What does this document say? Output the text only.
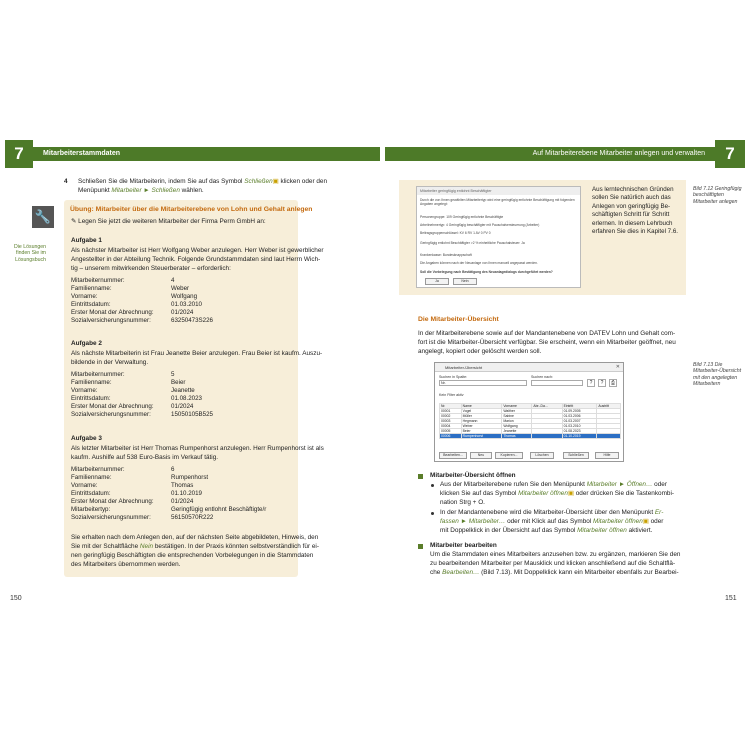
7	Mitarbeiterstammdaten	Auf Mitarbeiterebene Mitarbeiter anlegen und verwalten	7
4 Schließen Sie die Mitarbeiterin, indem Sie auf das Symbol Schließen▣ klicken oder den
Menüpunkt Mitarbeiter ► Schließen wählen.
🔧
Die Lösungen finden Sie im Lösungsbuch
Übung: Mitarbeiter über die Mitarbeiterebene von Lohn und Gehalt anlegen
✎ Legen Sie jetzt die weiteren Mitarbeiter der Firma Perm GmbH an:
Aufgabe 1
Als nächster Mitarbeiter ist Herr Wolfgang Weber anzulegen. Herr Weber ist gewerblicher
Angestellter in der Abteilung Technik. Folgende Grundstammdaten sind laut Herrn Wich-
tig – unserem mitwirkenden Steuerberater – erforderlich:
Mitarbeiternummer:	4
Familienname:	Weber
Vorname:	Wolfgang
Eintrittsdatum:	01.03.2010
Erster Monat der Abrechnung:	01/2024
Sozialversicherungsnummer:	63250473S226
Aufgabe 2
Als nächste Mitarbeiterin ist Frau Jeanette Beier anzulegen. Frau Beier ist kaufm. Auszu-
bildende in der Verwaltung.
Mitarbeiternummer:	5
Familienname:	Beier
Vorname:	Jeanette
Eintrittsdatum:	01.08.2023
Erster Monat der Abrechnung:	01/2024
Sozialversicherungsnummer:	15050105B525
Aufgabe 3
Als letzter Mitarbeiter ist Herr Thomas Rumpenhorst anzulegen. Herr Rumpenhorst ist als
kaufm. Aushilfe auf 538 Euro-Basis im Verkauf tätig.
Mitarbeiternummer:	6
Familienname:	Rumpenhorst
Vorname:	Thomas
Eintrittsdatum:	01.10.2019
Erster Monat der Abrechnung:	01/2024
Mitarbeitertyp:	Geringfügig entlohnt Beschäftigte/r
Sozialversicherungsnummer:	56150570R222
Sie erhalten nach dem Anlegen den, auf der nächsten Seite abgebildeten, Hinweis, den
Sie mit der Schaltfläche Nein bestätigen. In der Praxis könnten selbstverständlich für ei-
nen geringfügig Beschäftigten die entsprechenden Vorbelegungen in die Stammdaten
des Mitarbeiters übernommen werden.
150
Mitarbeiter geringfügig entlohnt Beschäftigter
Durch die von Ihnen gewählten Mitarbeitertyp wird eine geringfügig entlohnte Beschäftigung mit folgenden Angaben angelegt:
Personengruppe: 109 Geringfügig entlohnte Beschäftigte
Arbeitnehmertyp: 4 Geringfügig beschäftigter mit Pauschalversteuerung (Arbeiter)
Beitragsgruppenschlüssel: KV 6 RV 1 AV 0 PV 0
Geringfügig entlohnt Beschäftigter >2 % einheitliche Pauschalsteuer: Ja
Krankenkasse: Bundesknappschaft
Die Angaben können nach der Neuanlage von Ihnen manuell angepasst werden.
Soll die Vorbelegung nach Bestätigung des Neuanlagedialogs durchgeführt werden?
Ja	Nein
Aus lerntechnischen Gründen
sollen Sie natürlich auch das
Anlegen von geringfügig Be-
schäftigten Schritt für Schritt
erlernen. In diesem Lehrbuch
erfahren Sie dies in Kapitel 7.6.
Bild 7.12 Geringfügig beschäftigten Mitarbeiter anlegen
Die Mitarbeiter-Übersicht
In der Mitarbeiterebene sowie auf der Mandantenebene von DATEV Lohn und Gehalt com-
fort ist die Mitarbeiter-Übersicht verfügbar. Sie erscheint, wenn ein Mitarbeiter geöffnet, neu
angelegt, kopiert oder gelöscht werden soll.
Mitarbeiter-Übersicht	✕
Suchen in Spalte:
Nr.
Suchen nach:
?	?	⎙
Kein Filter aktiv
Nr.	Name	Vorname	Abr.-Da...	Eintritt	Austritt
00001	Vogel	Walther		01.09.2005	
00002	Müller	Sabine		01.03.2006	
00003	Hegmann	Marion		01.03.2007	
00004	Weber	Wolfgang		01.03.2010	
00005	Beier	Jeanette		01.08.2023	
00006	Rumpenhorst	Thomas		01.10.2019	
Bearbeiten...	Neu	Kopieren...	Löschen	Schließen	Hilfe
Bild 7.13 Die Mitarbeiter-Übersicht mit den angelegten Mitarbeitern
Mitarbeiter-Übersicht öffnen
Aus der Mitarbeiterebene rufen Sie den Menüpunkt Mitarbeiter ► Öffnen… oder
klicken Sie auf das Symbol Mitarbeiter öffnen▣ oder drücken Sie die Tastenkombi-
nation Strg + O.
In der Mandantenebene wird die Mitarbeiter-Übersicht über den Menüpunkt Er-
fassen ► Mitarbeiter… oder mit Klick auf das Symbol Mitarbeiter öffnen▣ oder
mit Doppelklick in der Übersicht auf das Symbol Mitarbeiter öffnen aktiviert.
Mitarbeiter bearbeiten
Um die Stammdaten eines Mitarbeiters anzusehen bzw. zu ergänzen, markieren Sie den
zu bearbeitenden Mitarbeiter per Mausklick und klicken anschließend auf die Schaltflä-
che Bearbeiten… (Bild 7.13). Mit Doppelklick kann ein Mitarbeiter ebenfalls zur Bearbei-
151
